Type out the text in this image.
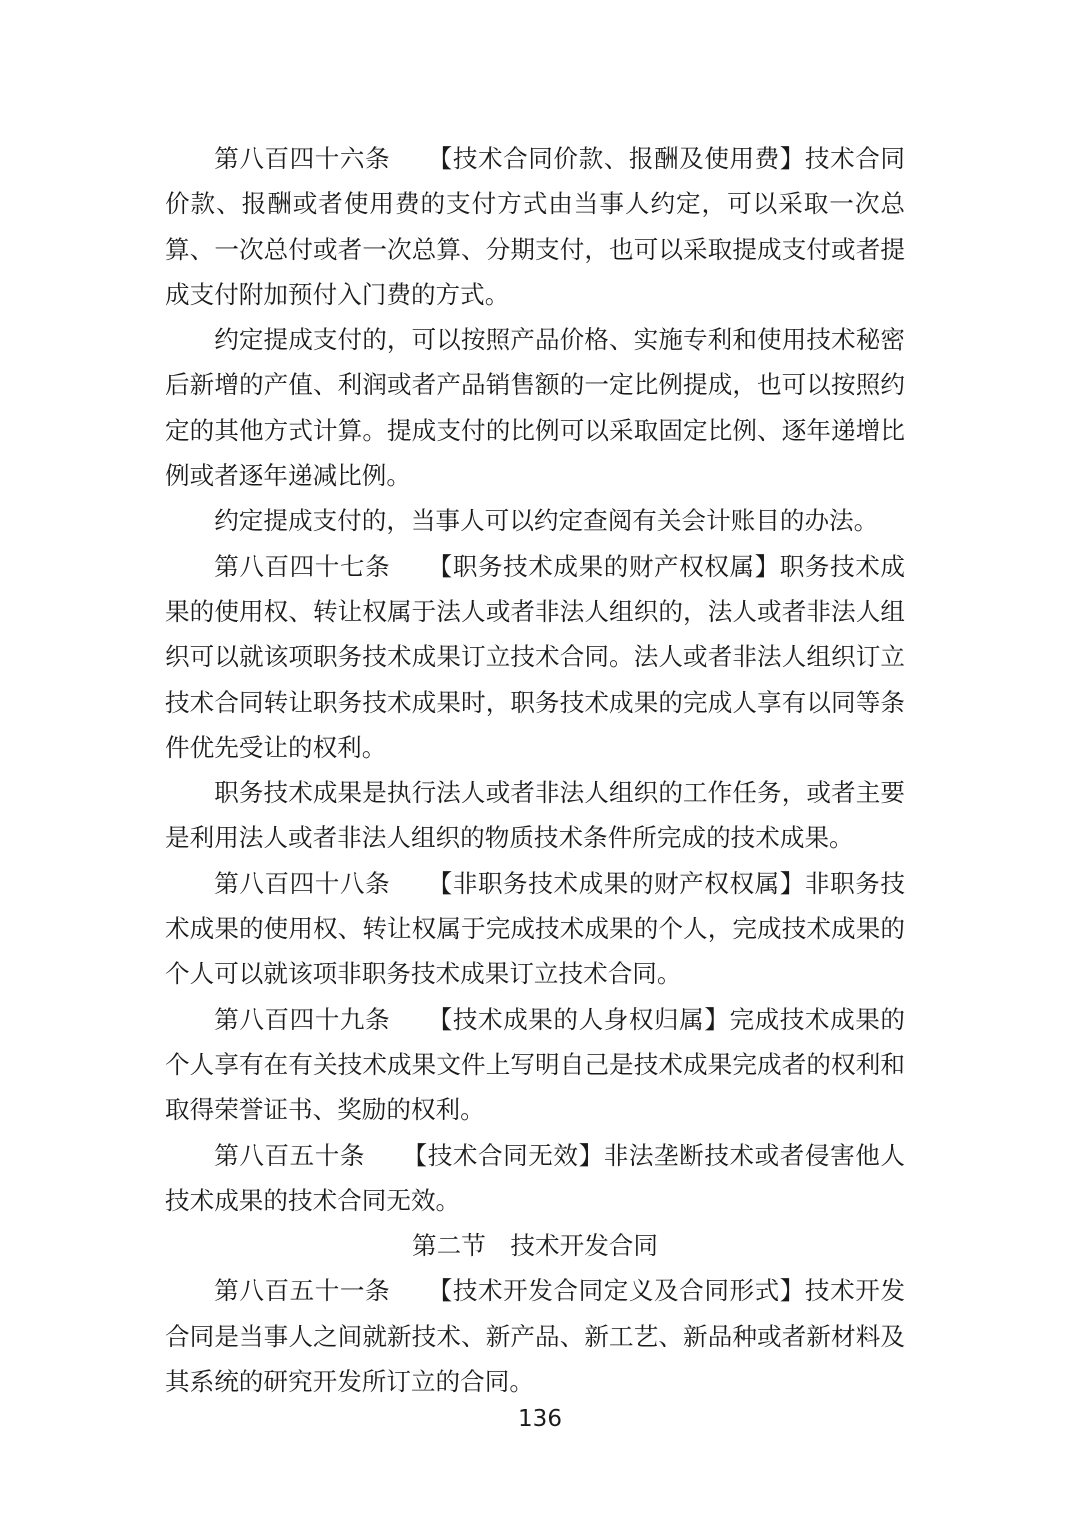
第八百四十六条 【技术合同价款、报酬及使用费】技术合同价款、报酬或者使用费的支付方式由当事人约定，可以采取一次总算、一次总付或者一次总算、分期支付，也可以采取提成支付或者提成支付附加预付入门费的方式。

约定提成支付的，可以按照产品价格、实施专利和使用技术秘密后新增的产值、利润或者产品销售额的一定比例提成，也可以按照约定的其他方式计算。提成支付的比例可以采取固定比例、逐年递增比例或者逐年递减比例。

约定提成支付的，当事人可以约定查阅有关会计账目的办法。

第八百四十七条 【职务技术成果的财产权权属】职务技术成果的使用权、转让权属于法人或者非法人组织的，法人或者非法人组织可以就该项职务技术成果订立技术合同。法人或者非法人组织订立技术合同转让职务技术成果时，职务技术成果的完成人享有以同等条件优先受让的权利。

职务技术成果是执行法人或者非法人组织的工作任务，或者主要是利用法人或者非法人组织的物质技术条件所完成的技术成果。

第八百四十八条 【非职务技术成果的财产权权属】非职务技术成果的使用权、转让权属于完成技术成果的个人，完成技术成果的个人可以就该项非职务技术成果订立技术合同。

第八百四十九条 【技术成果的人身权归属】完成技术成果的个人享有在有关技术成果文件上写明自己是技术成果完成者的权利和取得荣誉证书、奖励的权利。

第八百五十条 【技术合同无效】非法垄断技术或者侵害他人技术成果的技术合同无效。

第二节 技术开发合同

第八百五十一条 【技术开发合同定义及合同形式】技术开发合同是当事人之间就新技术、新产品、新工艺、新品种或者新材料及其系统的研究开发所订立的合同。

136
